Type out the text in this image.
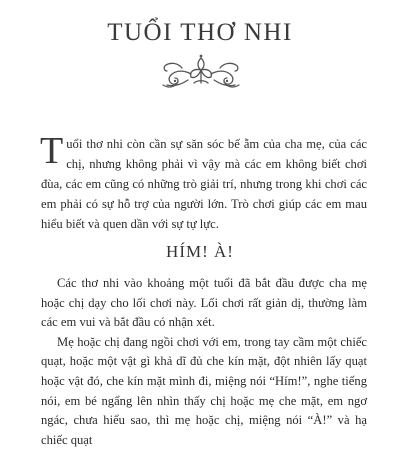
TUỔI THƠ NHI

Tuổi thơ nhi còn cần sự săn sóc bế ẵm của cha mẹ, của các chị, nhưng không phải vì vậy mà các em không biết chơi đùa, các em cũng có những trò giải trí, nhưng trong khi chơi các em phải có sự hỗ trợ của người lớn. Trò chơi giúp các em mau hiểu biết và quen dần với sự tự lực.

HÍM! À!

Các thơ nhi vào khoảng một tuổi đã bắt đầu được cha mẹ hoặc chị dạy cho lối chơi này. Lối chơi rất giản dị, thường làm các em vui và bắt đầu có nhận xét.

Mẹ hoặc chị đang ngồi chơi với em, trong tay cầm một chiếc quạt, hoặc một vật gì khả dĩ đủ che kín mặt, đột nhiên lấy quạt hoặc vật đó, che kín mặt mình đi, miệng nói “Hím!”, nghe tiếng nói, em bé ngẩng lên nhìn thấy chị hoặc mẹ che mặt, em ngơ ngác, chưa hiểu sao, thì mẹ hoặc chị, miệng nói “À!” và hạ chiếc quạt
